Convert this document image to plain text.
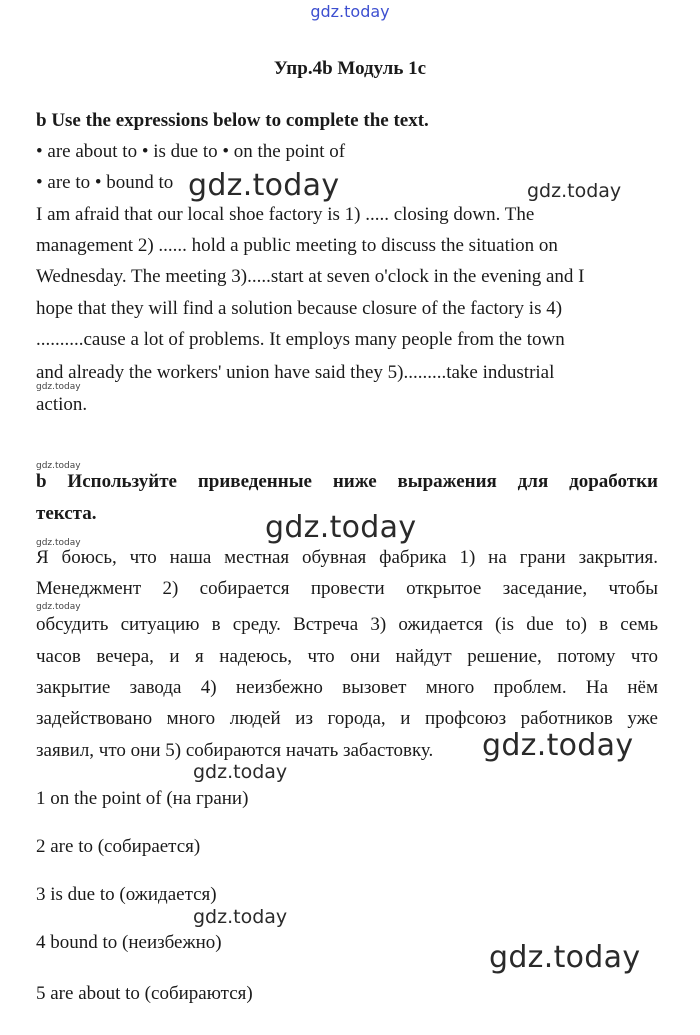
gdz.today
Упр.4b Модуль 1c
b Use the expressions below to complete the text.
• are about to • is due to • on the point of
• are to • bound to
I am afraid that our local shoe factory is 1) ..... closing down. The
management 2) ...... hold a public meeting to discuss the situation on
Wednesday. The meeting 3).....start at seven o'clock in the evening and I
hope that they will find a solution because closure of the factory is 4)
..........cause a lot of problems. It employs many people from the town
and already the workers' union have said they 5).........take industrial
action.
b Используйте приведенные ниже выражения для доработки
текста.
Я боюсь, что наша местная обувная фабрика 1) на грани закрытия.
Менеджмент 2) собирается провести открытое заседание, чтобы
обсудить ситуацию в среду. Встреча 3) ожидается (is due to) в семь
часов вечера, и я надеюсь, что они найдут решение, потому что
закрытие завода 4) неизбежно вызовет много проблем. На нём
задействовано много людей из города, и профсоюз работников уже
заявил, что они 5) собираются начать забастовку.
1 on the point of (на грани)
2 are to (собирается)
3 is due to (ожидается)
4 bound to (неизбежно)
5 are about to (собираются)
gdz.today	gdz.today
gdz.today
gdz.today
gdz.today
gdz.today
gdz.today
gdz.today
gdz.today
gdz.today
gdz.today
